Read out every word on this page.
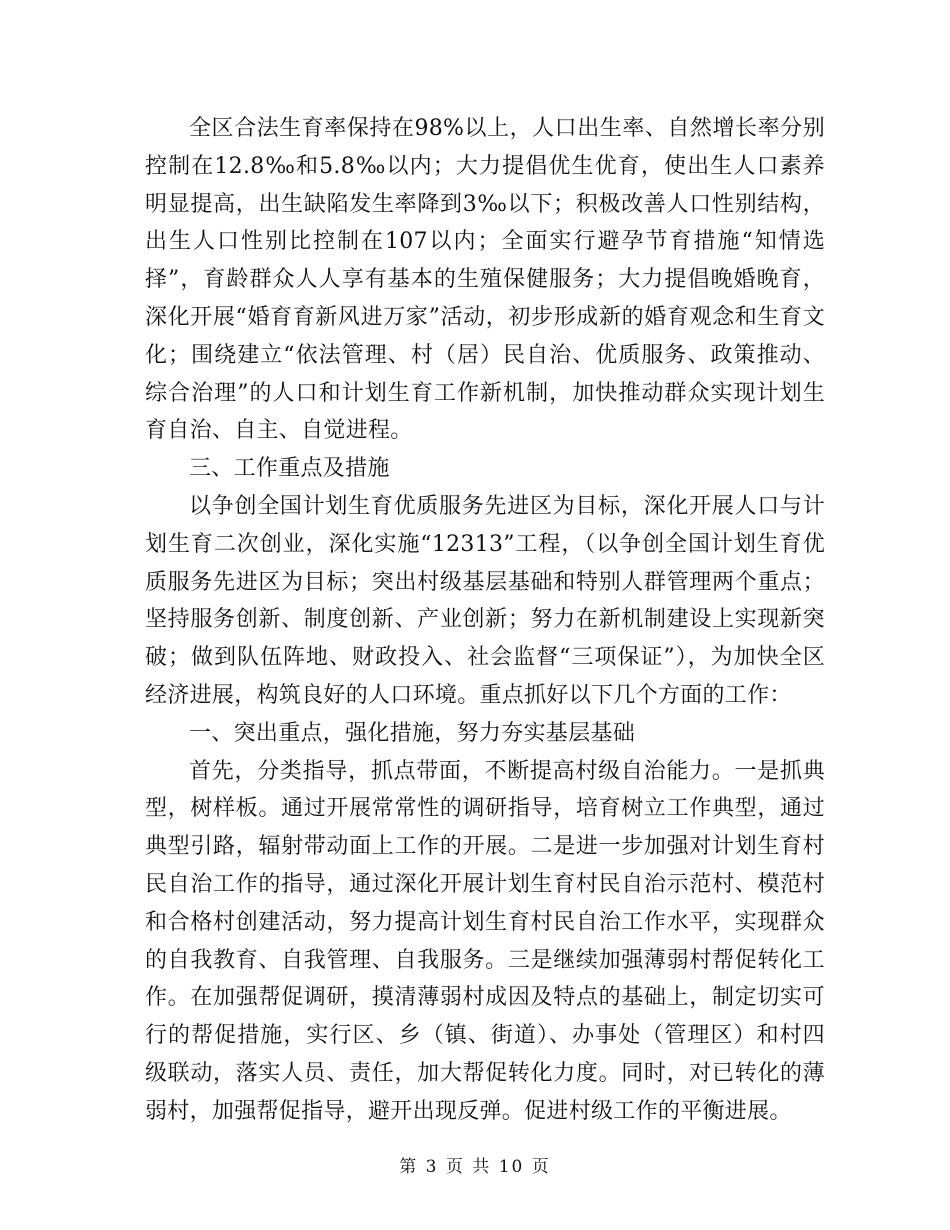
全区合法生育率保持在98%以上，人口出生率、自然增长率分别控制在12.8‰和5.8‰以内；大力提倡优生优育，使出生人口素养明显提高，出生缺陷发生率降到3‰以下；积极改善人口性别结构，出生人口性别比控制在107以内；全面实行避孕节育措施“知情选择”，育龄群众人人享有基本的生殖保健服务；大力提倡晚婚晚育，深化开展“婚育育新风进万家”活动，初步形成新的婚育观念和生育文化；围绕建立“依法管理、村（居）民自治、优质服务、政策推动、综合治理”的人口和计划生育工作新机制，加快推动群众实现计划生育自治、自主、自觉进程。

三、工作重点及措施

以争创全国计划生育优质服务先进区为目标，深化开展人口与计划生育二次创业，深化实施“12313”工程，（以争创全国计划生育优质服务先进区为目标；突出村级基层基础和特别人群管理两个重点；坚持服务创新、制度创新、产业创新；努力在新机制建设上实现新突破；做到队伍阵地、财政投入、社会监督“三项保证”），为加快全区经济进展，构筑良好的人口环境。重点抓好以下几个方面的工作：

一、突出重点，强化措施，努力夯实基层基础

首先，分类指导，抓点带面，不断提高村级自治能力。一是抓典型，树样板。通过开展常常性的调研指导，培育树立工作典型，通过典型引路，辐射带动面上工作的开展。二是进一步加强对计划生育村民自治工作的指导，通过深化开展计划生育村民自治示范村、模范村和合格村创建活动，努力提高计划生育村民自治工作水平，实现群众的自我教育、自我管理、自我服务。三是继续加强薄弱村帮促转化工作。在加强帮促调研，摸清薄弱村成因及特点的基础上，制定切实可行的帮促措施，实行区、乡（镇、街道）、办事处（管理区）和村四级联动，落实人员、责任，加大帮促转化力度。同时，对已转化的薄弱村，加强帮促指导，避开出现反弹。促进村级工作的平衡进展。

第 3 页 共 10 页
